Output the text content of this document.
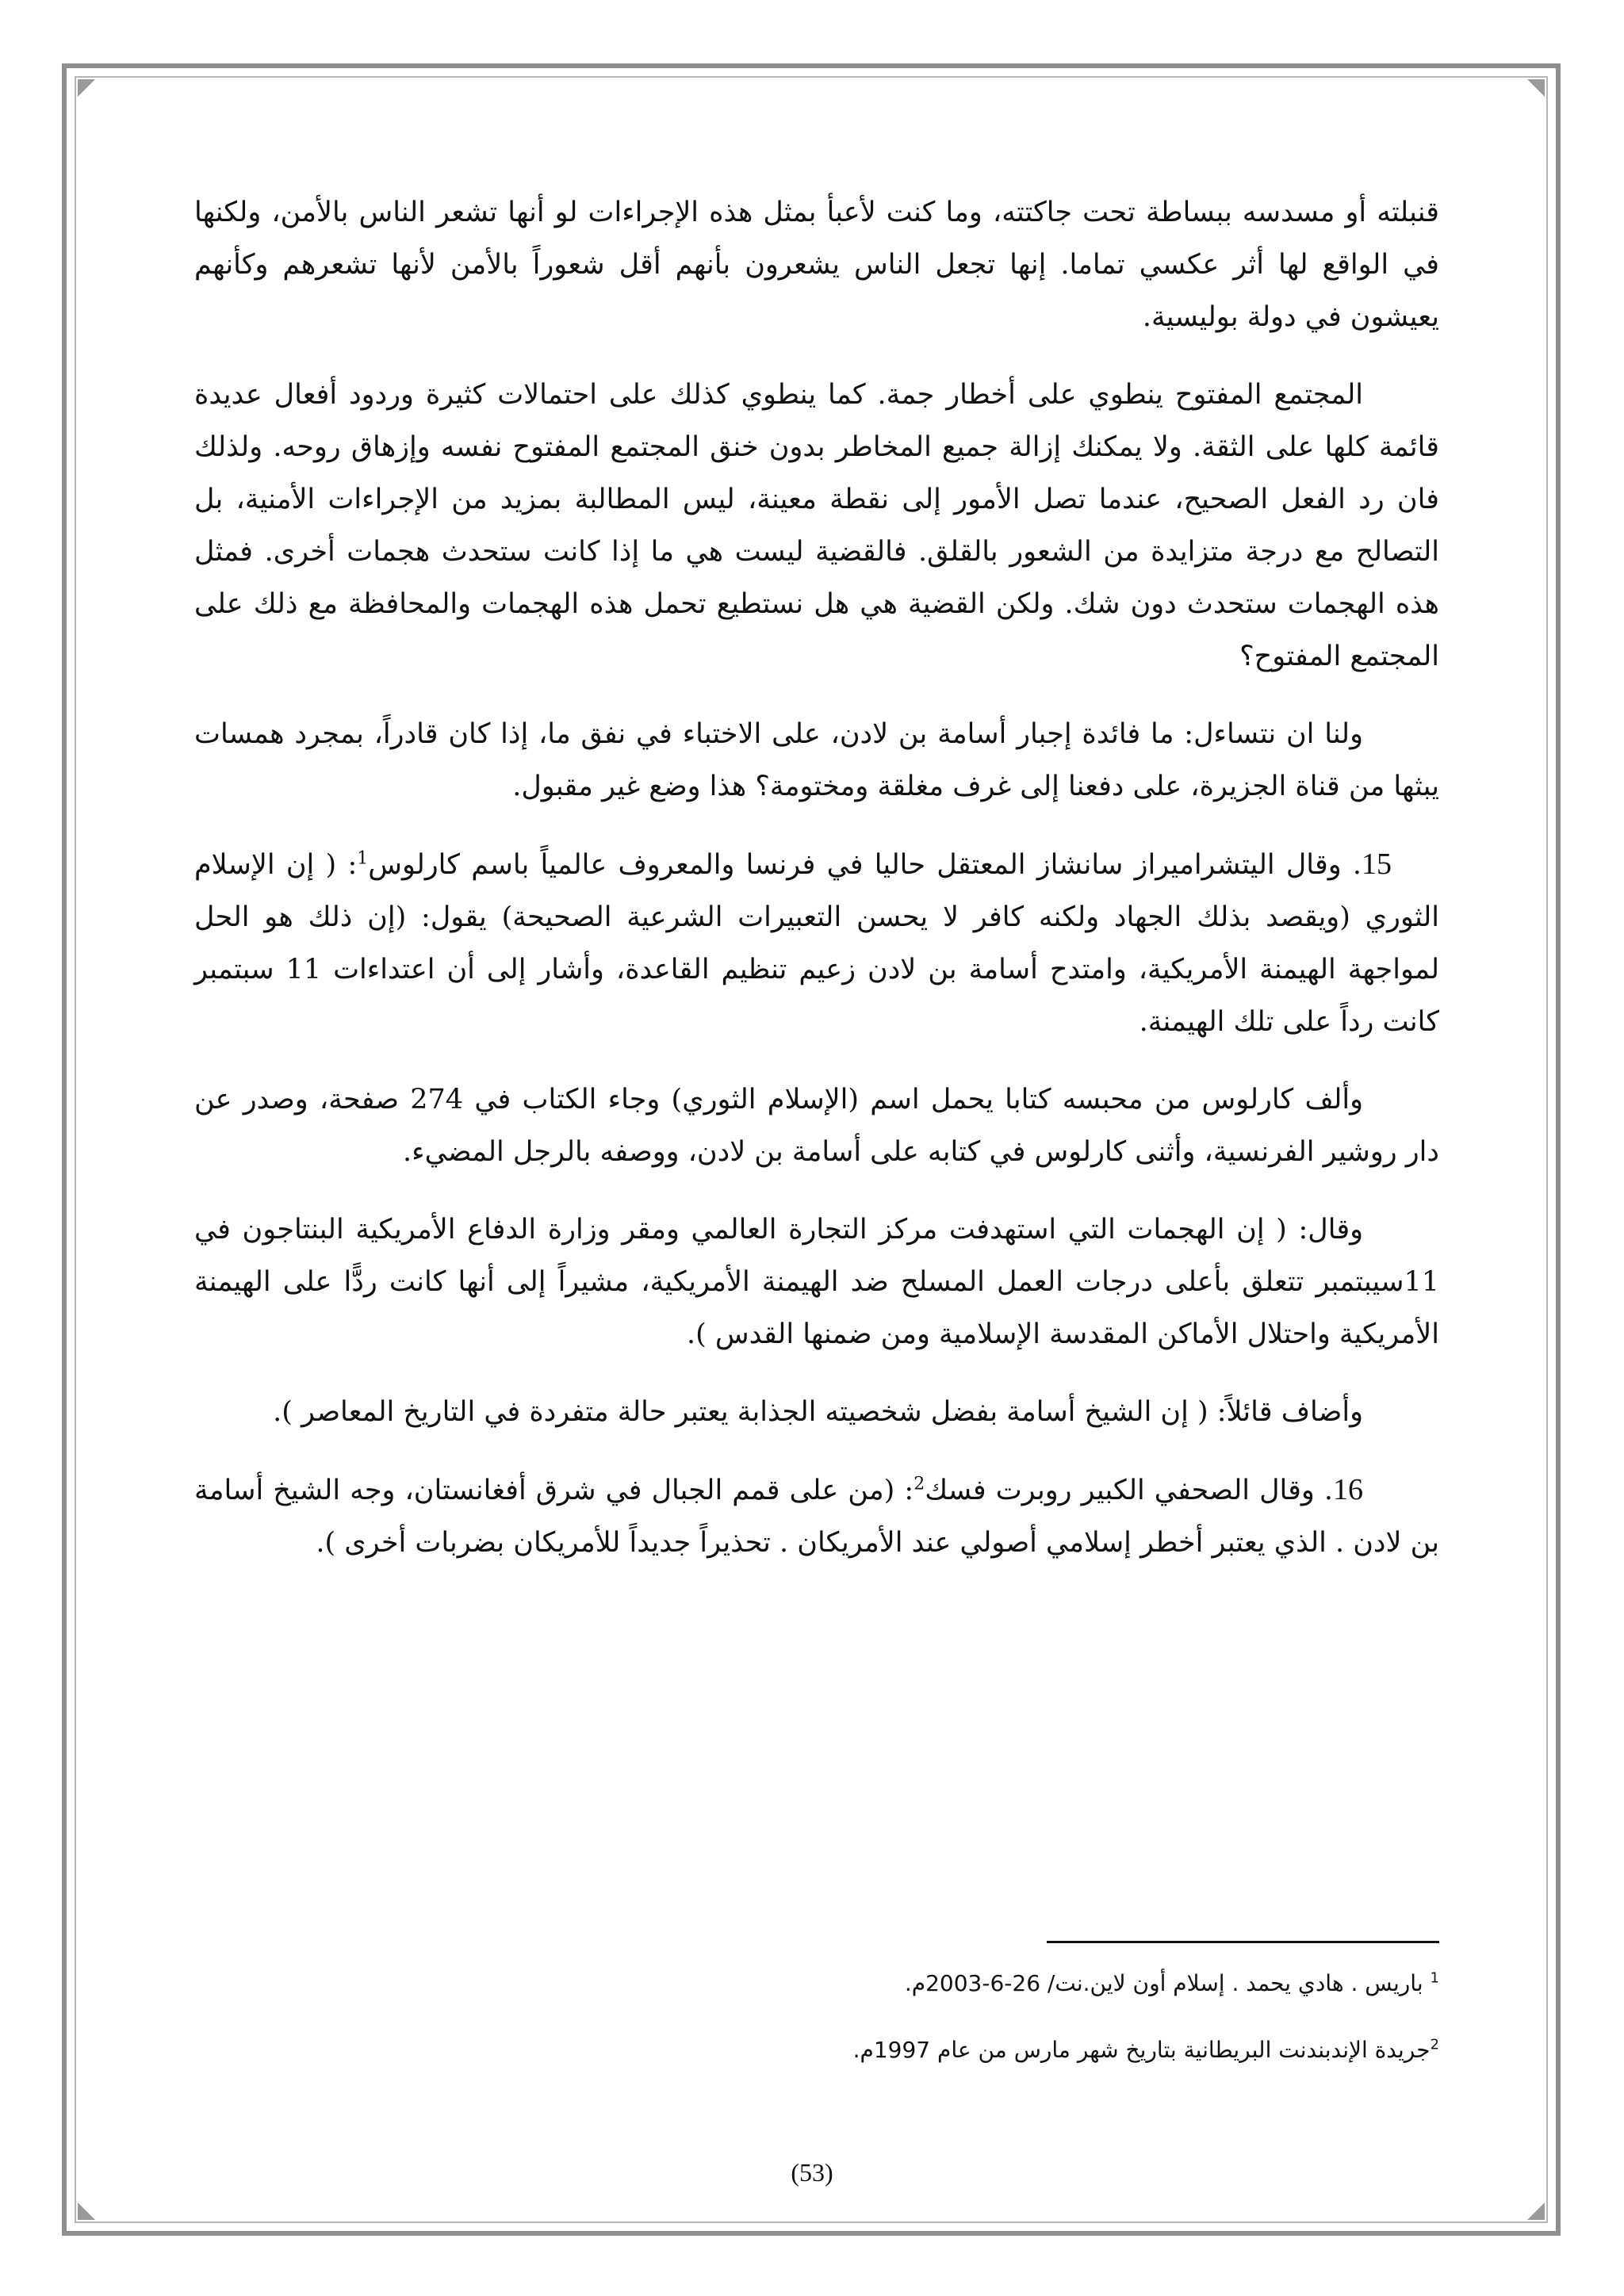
قنبلته أو مسدسه ببساطة تحت جاكتته، وما كنت لأعبأ بمثل هذه الإجراءات لو أنها تشعر الناس بالأمن، ولكنها في الواقع لها أثر عكسي تماما. إنها تجعل الناس يشعرون بأنهم أقل شعوراً بالأمن لأنها تشعرهم وكأنهم يعيشون في دولة بوليسية.

المجتمع المفتوح ينطوي على أخطار جمة. كما ينطوي كذلك على احتمالات كثيرة وردود أفعال عديدة قائمة كلها على الثقة. ولا يمكنك إزالة جميع المخاطر بدون خنق المجتمع المفتوح نفسه وإزهاق روحه. ولذلك فان رد الفعل الصحيح، عندما تصل الأمور إلى نقطة معينة، ليس المطالبة بمزيد من الإجراءات الأمنية، بل التصالح مع درجة متزايدة من الشعور بالقلق. فالقضية ليست هي ما إذا كانت ستحدث هجمات أخرى. فمثل هذه الهجمات ستحدث دون شك. ولكن القضية هي هل نستطيع تحمل هذه الهجمات والمحافظة مع ذلك على المجتمع المفتوح؟

ولنا ان نتساءل: ما فائدة إجبار أسامة بن لادن، على الاختباء في نفق ما، إذا كان قادراً، بمجرد همسات يبثها من قناة الجزيرة، على دفعنا إلى غرف مغلقة ومختومة؟ هذا وضع غير مقبول.

15. وقال اليتشراميراز سانشاز المعتقل حاليا في فرنسا والمعروف عالمياً باسم كارلوس$^1$: ( إن الإسلام الثوري (ويقصد بذلك الجهاد ولكنه كافر لا يحسن التعبيرات الشرعية الصحيحة) يقول: (إن ذلك هو الحل لمواجهة الهيمنة الأمريكية، وامتدح أسامة بن لادن زعيم تنظيم القاعدة، وأشار إلى أن اعتداءات 11 سبتمبر كانت رداً على تلك الهيمنة.

وألف كارلوس من محبسه كتابا يحمل اسم (الإسلام الثوري) وجاء الكتاب في 274 صفحة، وصدر عن دار روشير الفرنسية، وأثنى كارلوس في كتابه على أسامة بن لادن، ووصفه بالرجل المضيء.

وقال: ( إن الهجمات التي استهدفت مركز التجارة العالمي ومقر وزارة الدفاع الأمريكية البنتاجون في 11سيبتمبر تتعلق بأعلى درجات العمل المسلح ضد الهيمنة الأمريكية، مشيراً إلى أنها كانت ردًّا على الهيمنة الأمريكية واحتلال الأماكن المقدسة الإسلامية ومن ضمنها القدس ).

وأضاف قائلاً: ( إن الشيخ أسامة بفضل شخصيته الجذابة يعتبر حالة متفردة في التاريخ المعاصر ).

16. وقال الصحفي الكبير روبرت فسك$^2$: (من على قمم الجبال في شرق أفغانستان، وجه الشيخ أسامة بن لادن . الذي يعتبر أخطر إسلامي أصولي عند الأمريكان . تحذيراً جديداً للأمريكان بضربات أخرى ).

$^1$ باريس . هادي يحمد . إسلام أون لاين.نت/ 26-6-2003م.

$^2$جريدة الإندبندنت البريطانية بتاريخ شهر مارس من عام 1997م.

(53)
